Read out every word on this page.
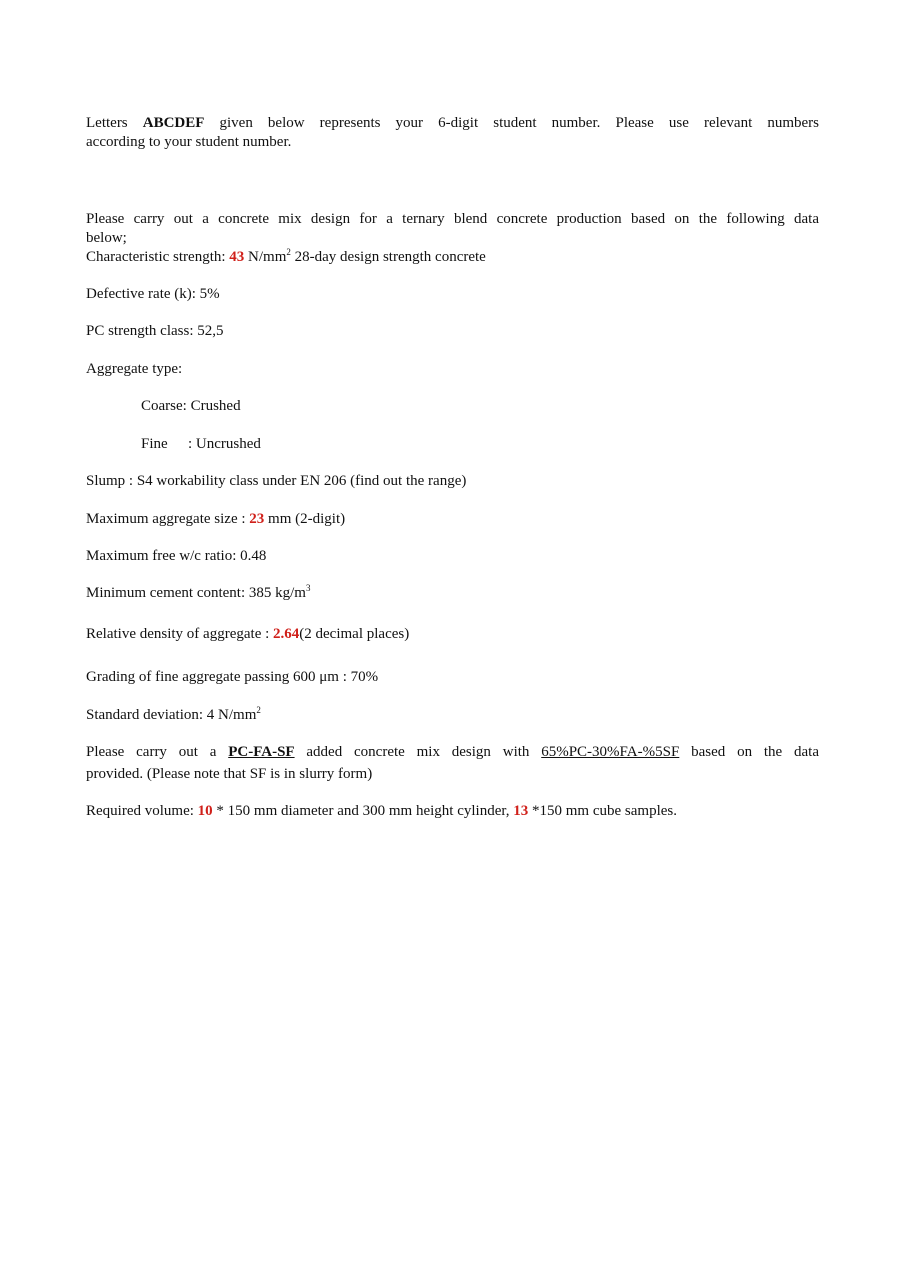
Letters ABCDEF given below represents your 6-digit student number. Please use relevant numbers
according to your student number.
Please carry out a concrete mix design for a ternary blend concrete production based on the following data
below;
Characteristic strength: 43 $N/mm^2$ 28-day design strength concrete
Defective rate (k): 5%
PC strength class: 52,5
Aggregate type:
Coarse: Crushed
Fine : Uncrushed
Slump : S4 workability class under EN 206 (find out the range)
Maximum aggregate size : 23 mm (2-digit)
Maximum free w/c ratio: 0.48
Minimum cement content: 385 $kg/m^3$
Relative density of aggregate : 2.64(2 decimal places)
Grading of fine aggregate passing 600 μm : 70%
Standard deviation: 4 $N/mm^2$
Please carry out a PC-FA-SF added concrete mix design with 65%PC-30%FA-%5SF based on the data
provided. (Please note that SF is in slurry form)
Required volume: 10 * 150 mm diameter and 300 mm height cylinder, 13 *150 mm cube samples.
